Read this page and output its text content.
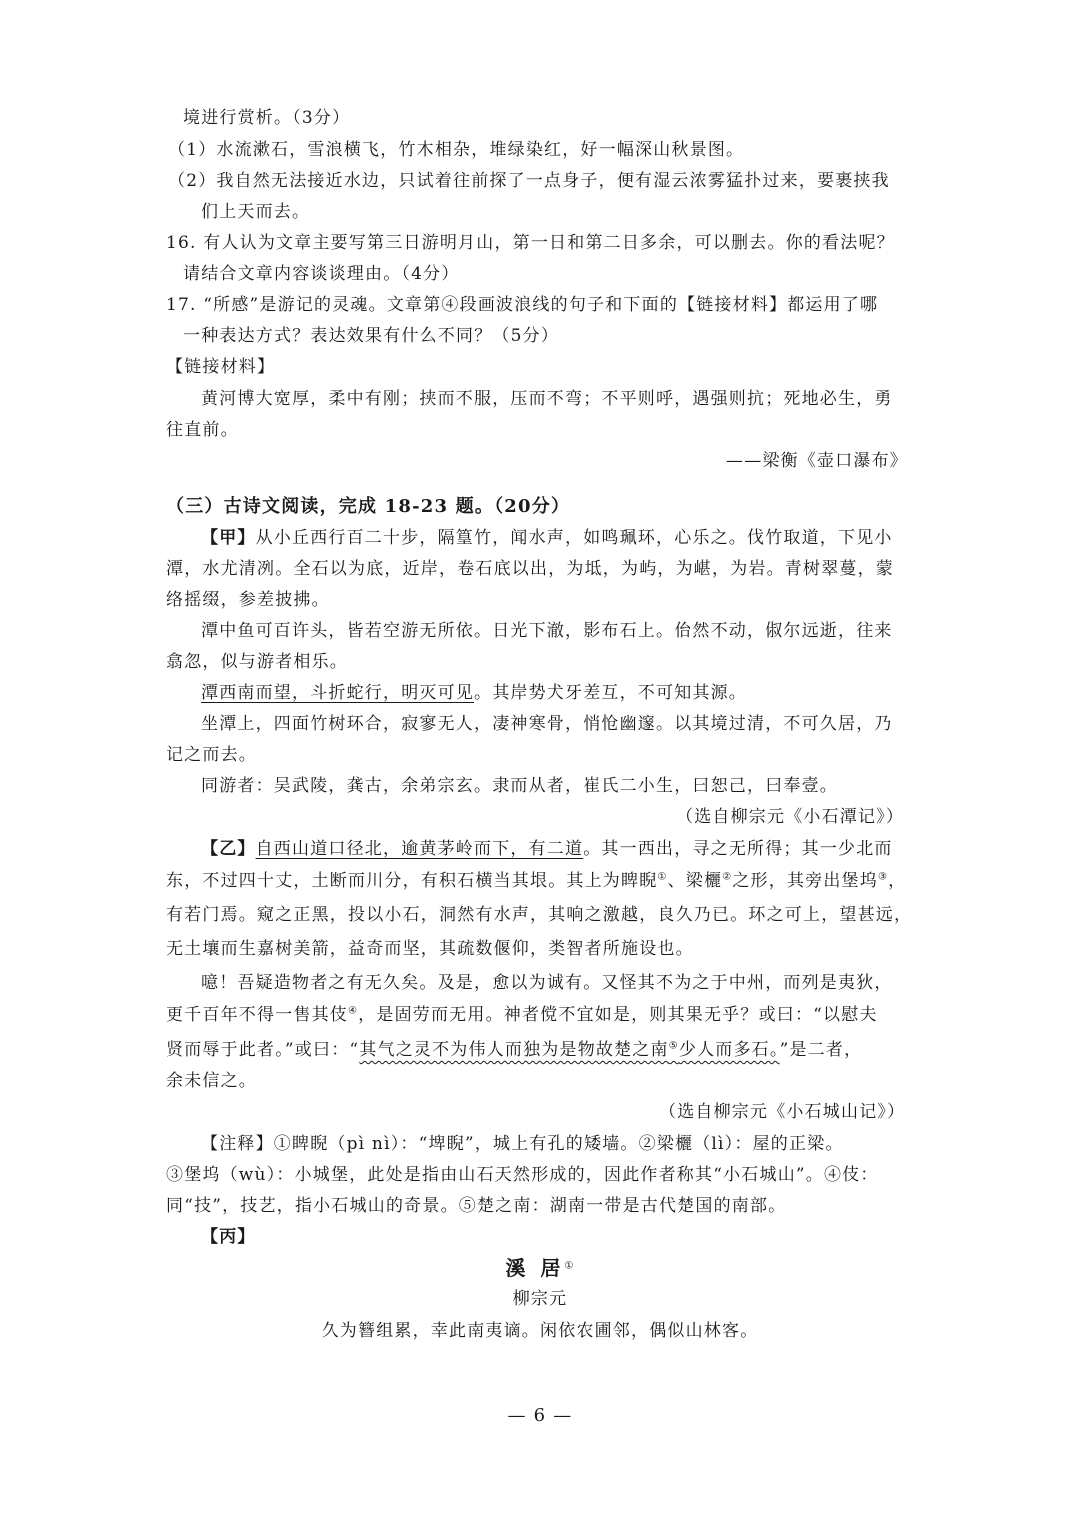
境进行赏析。（3分）
（1）水流漱石，雪浪横飞，竹木相杂，堆绿染红，好一幅深山秋景图。
（2）我自然无法接近水边，只试着往前探了一点身子，便有湿云浓雾猛扑过来，要裹挟我
们上天而去。
16. 有人认为文章主要写第三日游明月山，第一日和第二日多余，可以删去。你的看法呢？
请结合文章内容谈谈理由。（4分）
17. “所感”是游记的灵魂。文章第④段画波浪线的句子和下面的【链接材料】都运用了哪
一种表达方式？表达效果有什么不同？（5分）
【链接材料】
黄河博大宽厚，柔中有刚；挟而不服，压而不弯；不平则呼，遇强则抗；死地必生，勇
往直前。
——梁衡《壶口瀑布》
（三）古诗文阅读，完成 18-23 题。（20分）
【甲】从小丘西行百二十步，隔篁竹，闻水声，如鸣珮环，心乐之。伐竹取道，下见小
潭，水尤清冽。全石以为底，近岸，卷石底以出，为坻，为屿，为嵁，为岩。青树翠蔓，蒙
络摇缀，参差披拂。
潭中鱼可百许头，皆若空游无所依。日光下澈，影布石上。佁然不动，俶尔远逝，往来
翕忽，似与游者相乐。
潭西南而望，斗折蛇行，明灭可见。其岸势犬牙差互，不可知其源。
坐潭上，四面竹树环合，寂寥无人，凄神寒骨，悄怆幽邃。以其境过清，不可久居，乃
记之而去。
同游者：吴武陵，龚古，余弟宗玄。隶而从者，崔氏二小生，曰恕己，曰奉壹。
（选自柳宗元《小石潭记》）
【乙】自西山道口径北，逾黄茅岭而下，有二道。其一西出，寻之无所得；其一少北而
东，不过四十丈，土断而川分，有积石横当其垠。其上为睥睨①、梁欐②之形，其旁出堡坞③，
有若门焉。窥之正黑，投以小石，洞然有水声，其响之激越，良久乃已。环之可上，望甚远，
无土壤而生嘉树美箭，益奇而坚，其疏数偃仰，类智者所施设也。
噫！吾疑造物者之有无久矣。及是，愈以为诚有。又怪其不为之于中州，而列是夷狄，
更千百年不得一售其伎④，是固劳而无用。神者傥不宜如是，则其果无乎？或曰：“以慰夫
贤而辱于此者。”或曰：“其气之灵不为伟人而独为是物故楚之南⑤少人而多石。”是二者，
余未信之。
（选自柳宗元《小石城山记》）
【注释】①睥睨（pì nì）：“埤睨”，城上有孔的矮墙。②梁欐（lì）：屋的正梁。
③堡坞（wù）：小城堡，此处是指由山石天然形成的，因此作者称其“小石城山”。④伎：
同“技”，技艺，指小石城山的奇景。⑤楚之南：湖南一带是古代楚国的南部。
【丙】
溪 居①
柳宗元
久为簪组累，幸此南夷谪。闲依农圃邻，偶似山林客。
— 6 —
